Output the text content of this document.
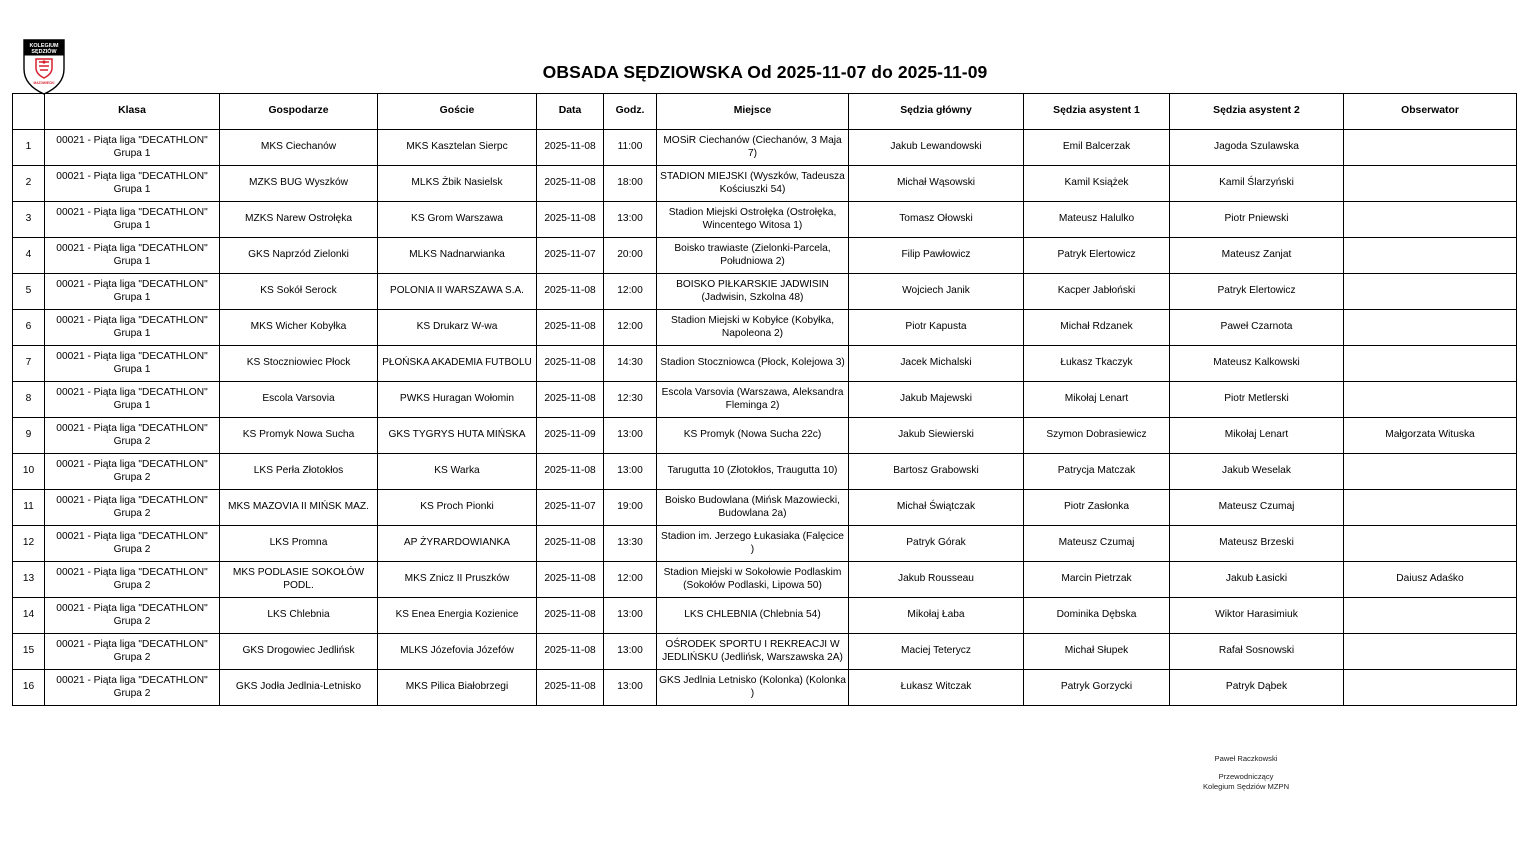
KOLEGIUM
SĘDZIÓW
MAZOWIECKI
OBSADA SĘDZIOWSKA Od 2025-11-07 do 2025-11-09
	Klasa	Gospodarze	Goście	Data	Godz.	Miejsce	Sędzia główny	Sędzia asystent 1	Sędzia asystent 2	Obserwator
1	00021 - Piąta liga "DECATHLON" Grupa 1	MKS Ciechanów	MKS Kasztelan Sierpc	2025-11-08	11:00	MOSiR Ciechanów (Ciechanów, 3 Maja 7)	Jakub Lewandowski	Emil Balcerzak	Jagoda Szulawska	
2	00021 - Piąta liga "DECATHLON" Grupa 1	MZKS BUG Wyszków	MLKS Żbik Nasielsk	2025-11-08	18:00	STADION MIEJSKI (Wyszków, Tadeusza Kościuszki 54)	Michał Wąsowski	Kamil Książek	Kamil Ślarzyński	
3	00021 - Piąta liga "DECATHLON" Grupa 1	MZKS Narew Ostrołęka	KS Grom Warszawa	2025-11-08	13:00	Stadion Miejski Ostrołęka (Ostrołęka, Wincentego Witosa 1)	Tomasz Ołowski	Mateusz Halulko	Piotr Pniewski	
4	00021 - Piąta liga "DECATHLON" Grupa 1	GKS Naprzód Zielonki	MLKS Nadnarwianka	2025-11-07	20:00	Boisko trawiaste (Zielonki-Parcela, Południowa 2)	Filip Pawłowicz	Patryk Elertowicz	Mateusz Zanjat	
5	00021 - Piąta liga "DECATHLON" Grupa 1	KS Sokół Serock	POLONIA II WARSZAWA S.A.	2025-11-08	12:00	BOISKO PIŁKARSKIE JADWISIN (Jadwisin, Szkolna 48)	Wojciech Janik	Kacper Jabłoński	Patryk Elertowicz	
6	00021 - Piąta liga "DECATHLON" Grupa 1	MKS Wicher Kobyłka	KS Drukarz W-wa	2025-11-08	12:00	Stadion Miejski w Kobyłce (Kobyłka, Napoleona 2)	Piotr Kapusta	Michał Rdzanek	Paweł Czarnota	
7	00021 - Piąta liga "DECATHLON" Grupa 1	KS Stoczniowiec Płock	PŁOŃSKA AKADEMIA FUTBOLU	2025-11-08	14:30	Stadion Stoczniowca (Płock, Kolejowa 3)	Jacek Michalski	Łukasz Tkaczyk	Mateusz Kalkowski	
8	00021 - Piąta liga "DECATHLON" Grupa 1	Escola Varsovia	PWKS Huragan Wołomin	2025-11-08	12:30	Escola Varsovia (Warszawa, Aleksandra Fleminga 2)	Jakub Majewski	Mikołaj Lenart	Piotr Metlerski	
9	00021 - Piąta liga "DECATHLON" Grupa 2	KS Promyk Nowa Sucha	GKS TYGRYS HUTA MIŃSKA	2025-11-09	13:00	KS Promyk (Nowa Sucha 22c)	Jakub Siewierski	Szymon Dobrasiewicz	Mikołaj Lenart	Małgorzata Wituska
10	00021 - Piąta liga "DECATHLON" Grupa 2	LKS Perła Złotokłos	KS Warka	2025-11-08	13:00	Tarugutta 10 (Złotokłos, Traugutta 10)	Bartosz Grabowski	Patrycja Matczak	Jakub Weselak	
11	00021 - Piąta liga "DECATHLON" Grupa 2	MKS MAZOVIA II MIŃSK MAZ.	KS Proch Pionki	2025-11-07	19:00	Boisko Budowlana (Mińsk Mazowiecki, Budowlana 2a)	Michał Świątczak	Piotr Zasłonka	Mateusz Czumaj	
12	00021 - Piąta liga "DECATHLON" Grupa 2	LKS Promna	AP ŻYRARDOWIANKA	2025-11-08	13:30	Stadion im. Jerzego Łukasiaka (Falęcice )	Patryk Górak	Mateusz Czumaj	Mateusz Brzeski	
13	00021 - Piąta liga "DECATHLON" Grupa 2	MKS PODLASIE SOKOŁÓW PODL.	MKS Znicz II Pruszków	2025-11-08	12:00	Stadion Miejski w Sokołowie Podlaskim (Sokołów Podlaski, Lipowa 50)	Jakub Rousseau	Marcin Pietrzak	Jakub Łasicki	Daiusz Adaśko
14	00021 - Piąta liga "DECATHLON" Grupa 2	LKS Chlebnia	KS Enea Energia Kozienice	2025-11-08	13:00	LKS CHLEBNIA (Chlebnia 54)	Mikołaj Łaba	Dominika Dębska	Wiktor Harasimiuk	
15	00021 - Piąta liga "DECATHLON" Grupa 2	GKS Drogowiec Jedlińsk	MLKS Józefovia Józefów	2025-11-08	13:00	OŚRODEK SPORTU I REKREACJI W JEDLIŃSKU (Jedlińsk, Warszawska 2A)	Maciej Teterycz	Michał Słupek	Rafał Sosnowski	
16	00021 - Piąta liga "DECATHLON" Grupa 2	GKS Jodła Jedlnia-Letnisko	MKS Pilica Białobrzegi	2025-11-08	13:00	GKS Jedlnia Letnisko (Kolonka) (Kolonka )	Łukasz Witczak	Patryk Gorzycki	Patryk Dąbek	
Paweł Raczkowski
Przewodniczący
Kolegium Sędziów MZPN
